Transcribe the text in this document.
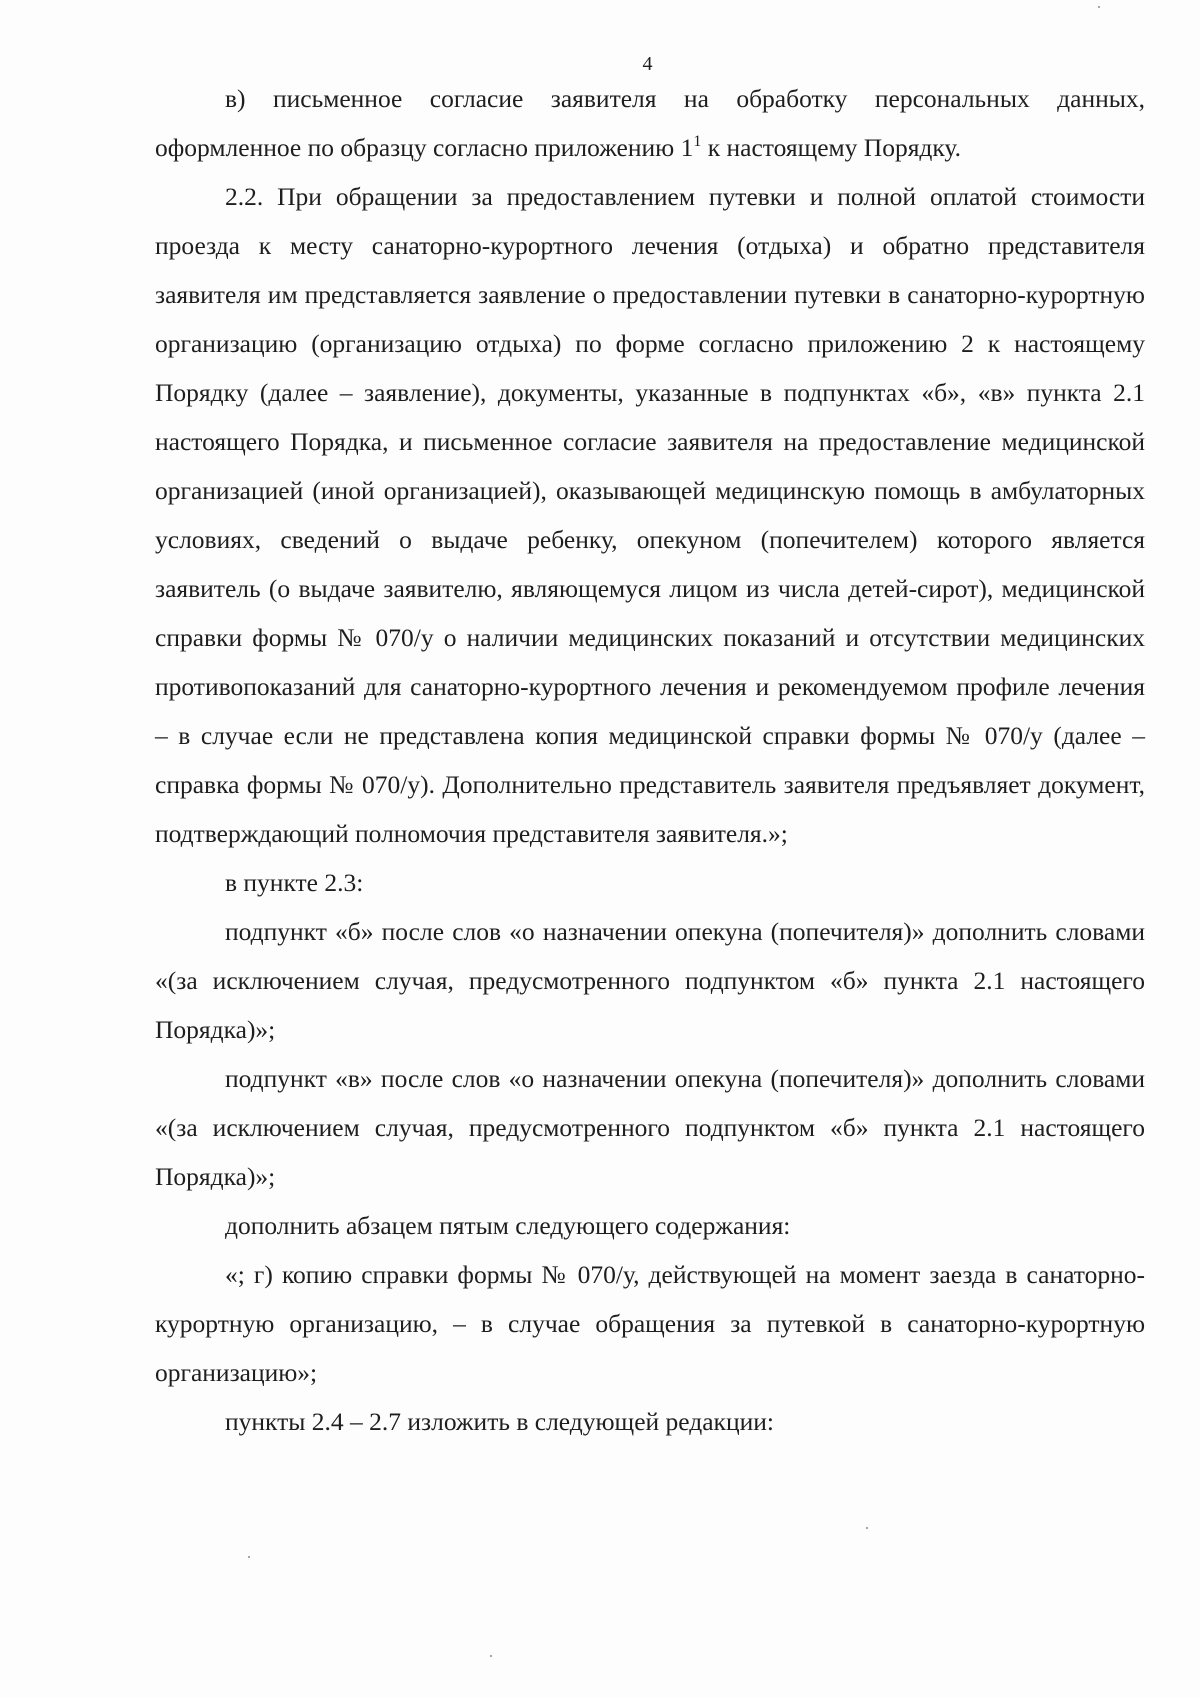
4

в) письменное согласие заявителя на обработку персональных данных, оформленное по образцу согласно приложению $1^1$ к настоящему Порядку.

2.2. При обращении за предоставлением путевки и полной оплатой стоимости проезда к месту санаторно-курортного лечения (отдыха) и обратно представителя заявителя им представляется заявление о предоставлении путевки в санаторно-курортную организацию (организацию отдыха) по форме согласно приложению 2 к настоящему Порядку (далее – заявление), документы, указанные в подпунктах «б», «в» пункта 2.1 настоящего Порядка, и письменное согласие заявителя на предоставление медицинской организацией (иной организацией), оказывающей медицинскую помощь в амбулаторных условиях, сведений о выдаче ребенку, опекуном (попечителем) которого является заявитель (о выдаче заявителю, являющемуся лицом из числа детей-сирот), медицинской справки формы № 070/у о наличии медицинских показаний и отсутствии медицинских противопоказаний для санаторно-курортного лечения и рекомендуемом профиле лечения – в случае если не представлена копия медицинской справки формы № 070/у (далее – справка формы № 070/у). Дополнительно представитель заявителя предъявляет документ, подтверждающий полномочия представителя заявителя.»;

в пункте 2.3:

подпункт «б» после слов «о назначении опекуна (попечителя)» дополнить словами «(за исключением случая, предусмотренного подпунктом «б» пункта 2.1 настоящего Порядка)»;

подпункт «в» после слов «о назначении опекуна (попечителя)» дополнить словами «(за исключением случая, предусмотренного подпунктом «б» пункта 2.1 настоящего Порядка)»;

дополнить абзацем пятым следующего содержания:

«; г) копию справки формы № 070/у, действующей на момент заезда в санаторно-курортную организацию, – в случае обращения за путевкой в санаторно-курортную организацию»;

пункты 2.4 – 2.7 изложить в следующей редакции:
